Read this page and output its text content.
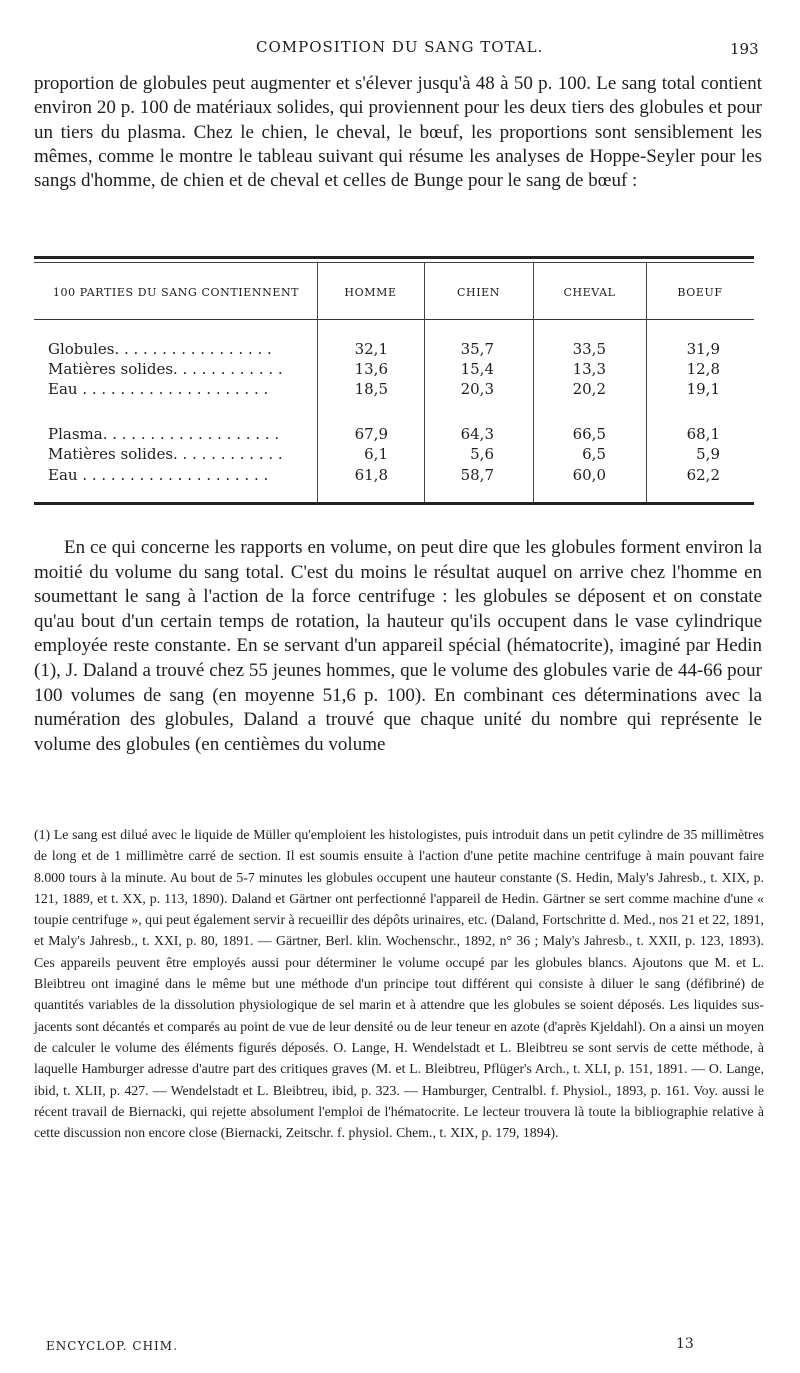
COMPOSITION DU SANG TOTAL.	193

proportion de globules peut augmenter et s'élever jusqu'à 48 à 50 p. 100. Le sang total contient environ 20 p. 100 de matériaux solides, qui proviennent pour les deux tiers des globules et pour un tiers du plasma. Chez le chien, le cheval, le bœuf, les proportions sont sensiblement les mêmes, comme le montre le tableau suivant qui résume les analyses de Hoppe-Seyler pour les sangs d'homme, de chien et de cheval et celles de Bunge pour le sang de bœuf :

100 PARTIES DU SANG CONTIENNENT	HOMME	CHIEN	CHEVAL	BOEUF
Globules. . . . . . . . . . . . . . . . .	32,1	35,7	33,5	31,9
Matières solides. . . . . . . . . . . .	13,6	15,4	13,3	12,8
Eau . . . . . . . . . . . . . . . . . . . .	18,5	20,3	20,2	19,1
Plasma. . . . . . . . . . . . . . . . . . .	67,9	64,3	66,5	68,1
Matières solides. . . . . . . . . . . .	6,1	5,6	6,5	5,9
Eau . . . . . . . . . . . . . . . . . . . .	61,8	58,7	60,0	62,2

En ce qui concerne les rapports en volume, on peut dire que les globules forment environ la moitié du volume du sang total. C'est du moins le résultat auquel on arrive chez l'homme en soumettant le sang à l'action de la force centrifuge : les globules se déposent et on constate qu'au bout d'un certain temps de rotation, la hauteur qu'ils occupent dans le vase cylindrique employée reste constante. En se servant d'un appareil spécial (hématocrite), imaginé par Hedin (1), J. Daland a trouvé chez 55 jeunes hommes, que le volume des globules varie de 44-66 pour 100 volumes de sang (en moyenne 51,6 p. 100). En combinant ces déterminations avec la numération des globules, Daland a trouvé que chaque unité du nombre qui représente le volume des globules (en centièmes du volume

(1) Le sang est dilué avec le liquide de Müller qu'emploient les histologistes, puis introduit dans un petit cylindre de 35 millimètres de long et de 1 millimètre carré de section. Il est soumis ensuite à l'action d'une petite machine centrifuge à main pouvant faire 8.000 tours à la minute. Au bout de 5-7 minutes les globules occupent une hauteur constante (S. Hedin, Maly's Jahresb., t. XIX, p. 121, 1889, et t. XX, p. 113, 1890). Daland et Gärtner ont perfectionné l'appareil de Hedin. Gärtner se sert comme machine d'une « toupie centrifuge », qui peut également servir à recueillir des dépôts urinaires, etc. (Daland, Fortschritte d. Med., nos 21 et 22, 1891, et Maly's Jahresb., t. XXI, p. 80, 1891. — Gärtner, Berl. klin. Wochenschr., 1892, n° 36 ; Maly's Jahresb., t. XXII, p. 123, 1893). Ces appareils peuvent être employés aussi pour déterminer le volume occupé par les globules blancs. Ajoutons que M. et L. Bleibtreu ont imaginé dans le même but une méthode d'un principe tout différent qui consiste à diluer le sang (défibriné) de quantités variables de la dissolution physiologique de sel marin et à attendre que les globules se soient déposés. Les liquides sus-jacents sont décantés et comparés au point de vue de leur densité ou de leur teneur en azote (d'après Kjeldahl). On a ainsi un moyen de calculer le volume des éléments figurés déposés. O. Lange, H. Wendelstadt et L. Bleibtreu se sont servis de cette méthode, à laquelle Hamburger adresse d'autre part des critiques graves (M. et L. Bleibtreu, Pflüger's Arch., t. XLI, p. 151, 1891. — O. Lange, ibid, t. XLII, p. 427. — Wendelstadt et L. Bleibtreu, ibid, p. 323. — Hamburger, Centralbl. f. Physiol., 1893, p. 161. Voy. aussi le récent travail de Biernacki, qui rejette absolument l'emploi de l'hématocrite. Le lecteur trouvera là toute la bibliographie relative à cette discussion non encore close (Biernacki, Zeitschr. f. physiol. Chem., t. XIX, p. 179, 1894).

ENCYCLOP. CHIM.	13
